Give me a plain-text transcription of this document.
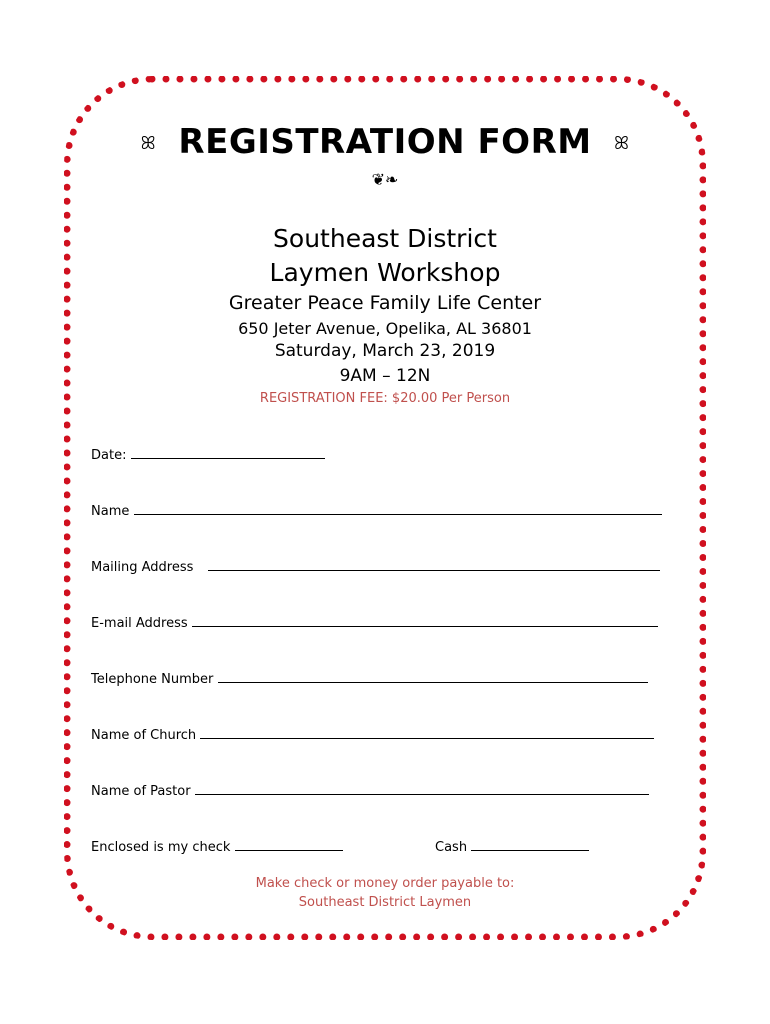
ꕤ REGISTRATION FORM ꕤ
❦❧
Southeast District
Laymen Workshop
Greater Peace Family Life Center
650 Jeter Avenue, Opelika, AL 36801
Saturday, March 23, 2019
9AM – 12N
REGISTRATION FEE: $20.00 Per Person
Date:
Name
Mailing Address
E-mail Address
Telephone Number
Name of Church
Name of Pastor
Enclosed is my check	Cash
Make check or money order payable to:
Southeast District Laymen
